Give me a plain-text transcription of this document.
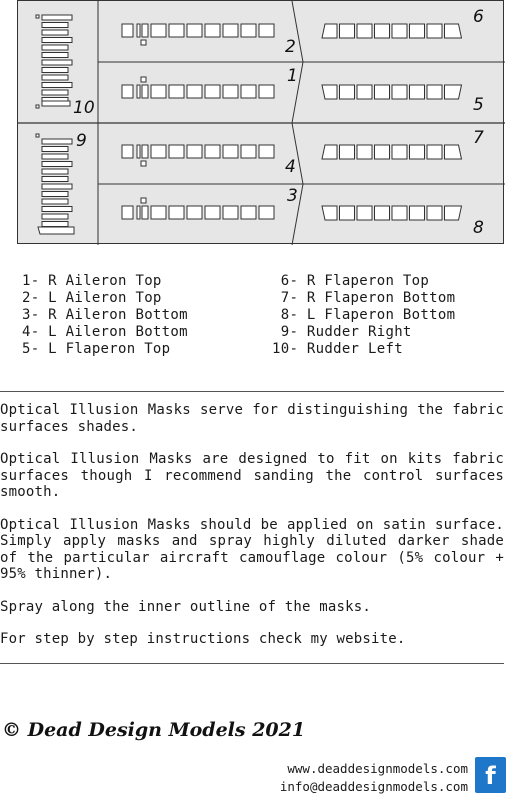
2
1
4
3
6
5
7
8
10
9
1- R Aileron Top
2- L Aileron Top
3- R Aileron Bottom
4- L Aileron Bottom
5- L Flaperon Top
6- R Flaperon Top
7- R Flaperon Bottom
8- L Flaperon Bottom
9- Rudder Right
10- Rudder Left

Optical Illusion Masks serve for distinguishing the fabric surfaces shades.

Optical Illusion Masks are designed to fit on kits fabric surfaces though I recommend sanding the control surfaces smooth.

Optical Illusion Masks should be applied on satin surface. Simply apply masks and spray highly diluted darker shade of the particular aircraft camouflage colour (5% colour + 95% thinner).

Spray along the inner outline of the masks.

For step by step instructions check my website.

© Dead Design Models 2021
www.deaddesignmodels.com
info@deaddesignmodels.com f
